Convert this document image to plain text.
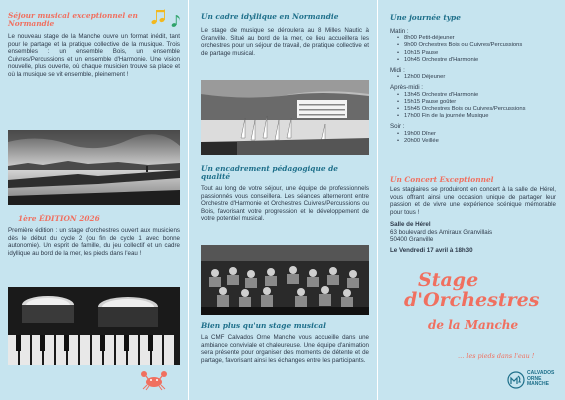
Séjour musical exceptionnel en Normandie
Le nouveau stage de la Manche ouvre un format inédit, tant pour le partage et la pratique collective de la musique. Trois ensembles : un ensemble Bois, un ensemble Cuivres/Percussions et un ensemble d'Harmonie. Une vision nouvelle, plus ouverte, où chaque musicien trouve sa place et où la musique se vit ensemble, pleinement !
1ère ÉDITION 2026
Première édition : un stage d'orchestres ouvert aux musiciens dès le début du cycle 2 (ou fin de cycle 1 avec bonne autonomie). Un esprit de famille, du jeu collectif et un cadre idyllique au bord de la mer, les pieds dans l'eau !
Un cadre idyllique en Normandie
Le stage de musique se déroulera au 8 Milles Nautic à Granville. Situé au bord de la mer, ce lieu accueillera les orchestres pour un séjour de travail, de pratique collective et de partage musical.
Un encadrement pédagogique de qualité
Tout au long de votre séjour, une équipe de professionnels passionnés vous conseillera. Les séances alterneront entre Orchestre d'Harmonie et Orchestres Cuivres/Percussions ou Bois, favorisant votre progression et le développement de votre potentiel musical.
Bien plus qu'un stage musical
La CMF Calvados Orne Manche vous accueille dans une ambiance conviviale et chaleureuse. Une équipe d'animation sera présente pour organiser des moments de détente et de partage, favorisant ainsi les échanges entre les participants.
Une journée type
Matin :
• 8h00 Petit-déjeuner
• 9h00 Orchestres Bois ou Cuivres/Percussions
• 10h15 Pause
• 10h45 Orchestre d'Harmonie
Midi :
• 12h00 Déjeuner
Après-midi :
• 13h45 Orchestre d'Harmonie
• 15h15 Pause goûter
• 15h45 Orchestres Bois ou Cuivres/Percussions
• 17h00 Fin de la journée Musique
Soir :
• 19h00 Dîner
• 20h00 Veillée
Un Concert Exceptionnel
Les stagiaires se produiront en concert à la salle de Hérel, vous offrant ainsi une occasion unique de partager leur passion et de vivre une expérience scénique mémorable pour tous !
Salle de Hérel
63 boulevard des Amiraux Granvillais
50400 Granville
Le Vendredi 17 avril à 18h30
Stage
d'Orchestres
de la Manche
… les pieds dans l'eau !
CALVADOS
ORNE
MANCHE
